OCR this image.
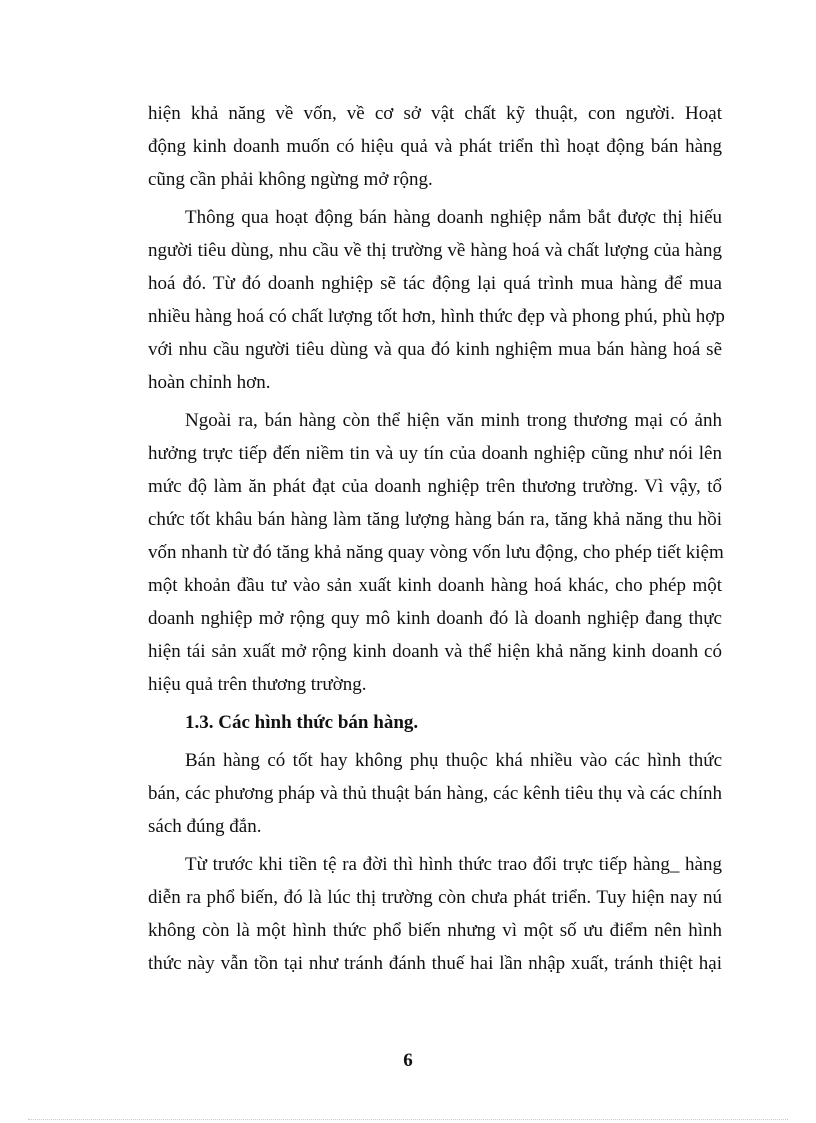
hiện khả năng về vốn, về cơ sở vật chất kỹ thuật, con người. Hoạt
động kinh doanh muốn có hiệu quả và phát triển thì hoạt động bán hàng
cũng cần phải không ngừng mở rộng.
Thông qua hoạt động bán hàng doanh nghiệp nắm bắt được thị hiếu
người tiêu dùng, nhu cầu về thị trường về hàng hoá và chất lượng của hàng
hoá đó. Từ đó doanh nghiệp sẽ tác động lại quá trình mua hàng để mua
nhiều hàng hoá có chất lượng tốt hơn, hình thức đẹp và phong phú, phù hợp
với nhu cầu người tiêu dùng và qua đó kinh nghiệm mua bán hàng hoá sẽ
hoàn chỉnh hơn.
Ngoài ra, bán hàng còn thể hiện văn minh trong thương mại có ảnh
hưởng trực tiếp đến niềm tin và uy tín của doanh nghiệp cũng như nói lên
mức độ làm ăn phát đạt của doanh nghiệp trên thương trường. Vì vậy, tổ
chức tốt khâu bán hàng làm tăng lượng hàng bán ra, tăng khả năng thu hồi
vốn nhanh từ đó tăng khả năng quay vòng vốn lưu động, cho phép tiết kiệm
một khoản đầu tư vào sản xuất kinh doanh hàng hoá khác, cho phép một
doanh nghiệp mở rộng quy mô kinh doanh đó là doanh nghiệp đang thực
hiện tái sản xuất mở rộng kinh doanh và thể hiện khả năng kinh doanh có
hiệu quả trên thương trường.
1.3. Các hình thức bán hàng.
Bán hàng có tốt hay không phụ thuộc khá nhiều vào các hình thức
bán, các phương pháp và thủ thuật bán hàng, các kênh tiêu thụ và các chính
sách đúng đắn.
Từ trước khi tiền tệ ra đời thì hình thức trao đổi trực tiếp hàng_ hàng
diễn ra phổ biến, đó là lúc thị trường còn chưa phát triển. Tuy hiện nay nú
không còn là một hình thức phổ biến nhưng vì một số ưu điểm nên hình
thức này vẫn tồn tại như tránh đánh thuế hai lần nhập xuất, tránh thiệt hại
6
